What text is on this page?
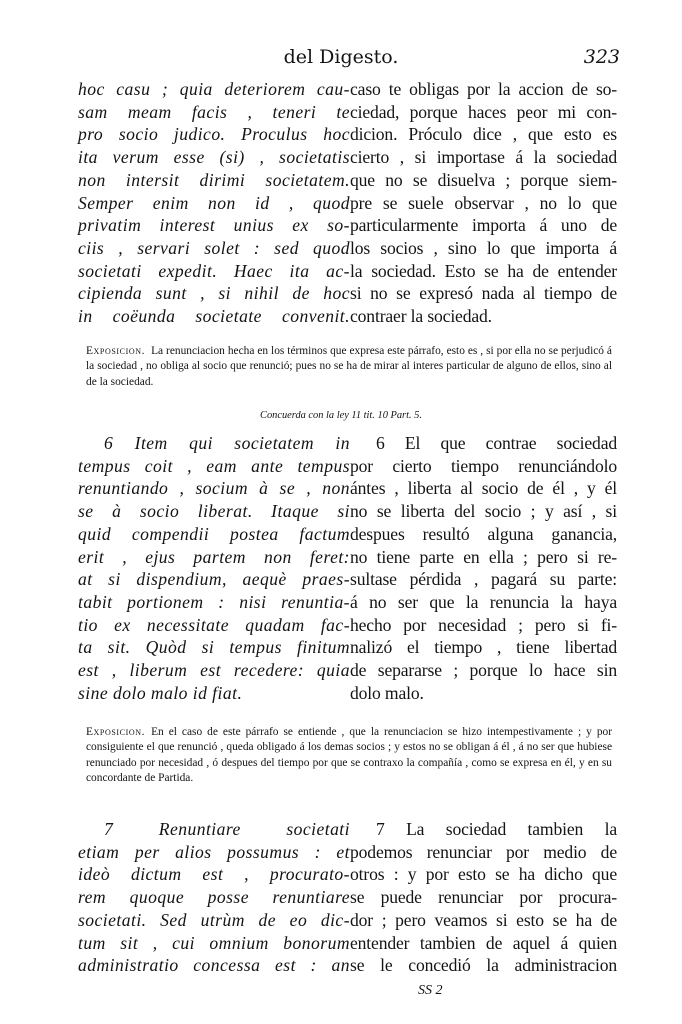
del Digesto.	323
hoc casu ; quia deteriorem cau-
sam meam facis , teneri te
pro socio judico. Proculus hoc
ita verum esse (si) , societatis
non intersit dirimi societatem.
Semper enim non id , quod
privatim interest unius ex so-
ciis , servari solet : sed quod
societati expedit. Haec ita ac-
cipienda sunt , si nihil de hoc
in coëunda societate convenit.
caso te obligas por la accion de so-
ciedad, porque haces peor mi con-
dicion. Próculo dice , que esto es
cierto , si importase á la sociedad
que no se disuelva ; porque siem-
pre se suele observar , no lo que
particularmente importa á uno de
los socios , sino lo que importa á
la sociedad. Esto se ha de entender
si no se expresó nada al tiempo de
contraer la sociedad.
Exposicion. La renunciacion hecha en los términos que expresa este párrafo, esto es , si por ella no se perjudicó á la sociedad , no obliga al socio que renunció; pues no se ha de mirar al interes particular de alguno de ellos, sino al de la sociedad.
Concuerda con la ley 11 tit. 10 Part. 5.
6 Item qui societatem in
tempus coit , eam ante tempus
renuntiando , socium à se , non
se à socio liberat. Itaque si
quid compendii postea factum
erit , ejus partem non feret:
at si dispendium, aequè praes-
tabit portionem : nisi renuntia-
tio ex necessitate quadam fac-
ta sit. Quòd si tempus finitum
est , liberum est recedere: quia
sine dolo malo id fiat.
6 El que contrae sociedad
por cierto tiempo renunciándolo
ántes , liberta al socio de él , y él
no se liberta del socio ; y así , si
despues resultó alguna ganancia,
no tiene parte en ella ; pero si re-
sultase pérdida , pagará su parte:
á no ser que la renuncia la haya
hecho por necesidad ; pero si fi-
nalizó el tiempo , tiene libertad
de separarse ; porque lo hace sin
dolo malo.
Exposicion. En el caso de este párrafo se entiende , que la renunciacion se hizo intempestivamente ; y por consiguiente el que renunció , queda obligado á los demas socios ; y estos no se obligan á él , á no ser que hubiese renunciado por necesidad , ó despues del tiempo por que se contraxo la compañía , como se expresa en él, y en su concordante de Partida.
7 Renuntiare societati
etiam per alios possumus : et
ideò dictum est , procurato-
rem quoque posse renuntiare
societati. Sed utrùm de eo dic-
tum sit , cui omnium bonorum
administratio concessa est : an
7 La sociedad tambien la
podemos renunciar por medio de
otros : y por esto se ha dicho que
se puede renunciar por procura-
dor ; pero veamos si esto se ha de
entender tambien de aquel á quien
se le concedió la administracion
SS 2
